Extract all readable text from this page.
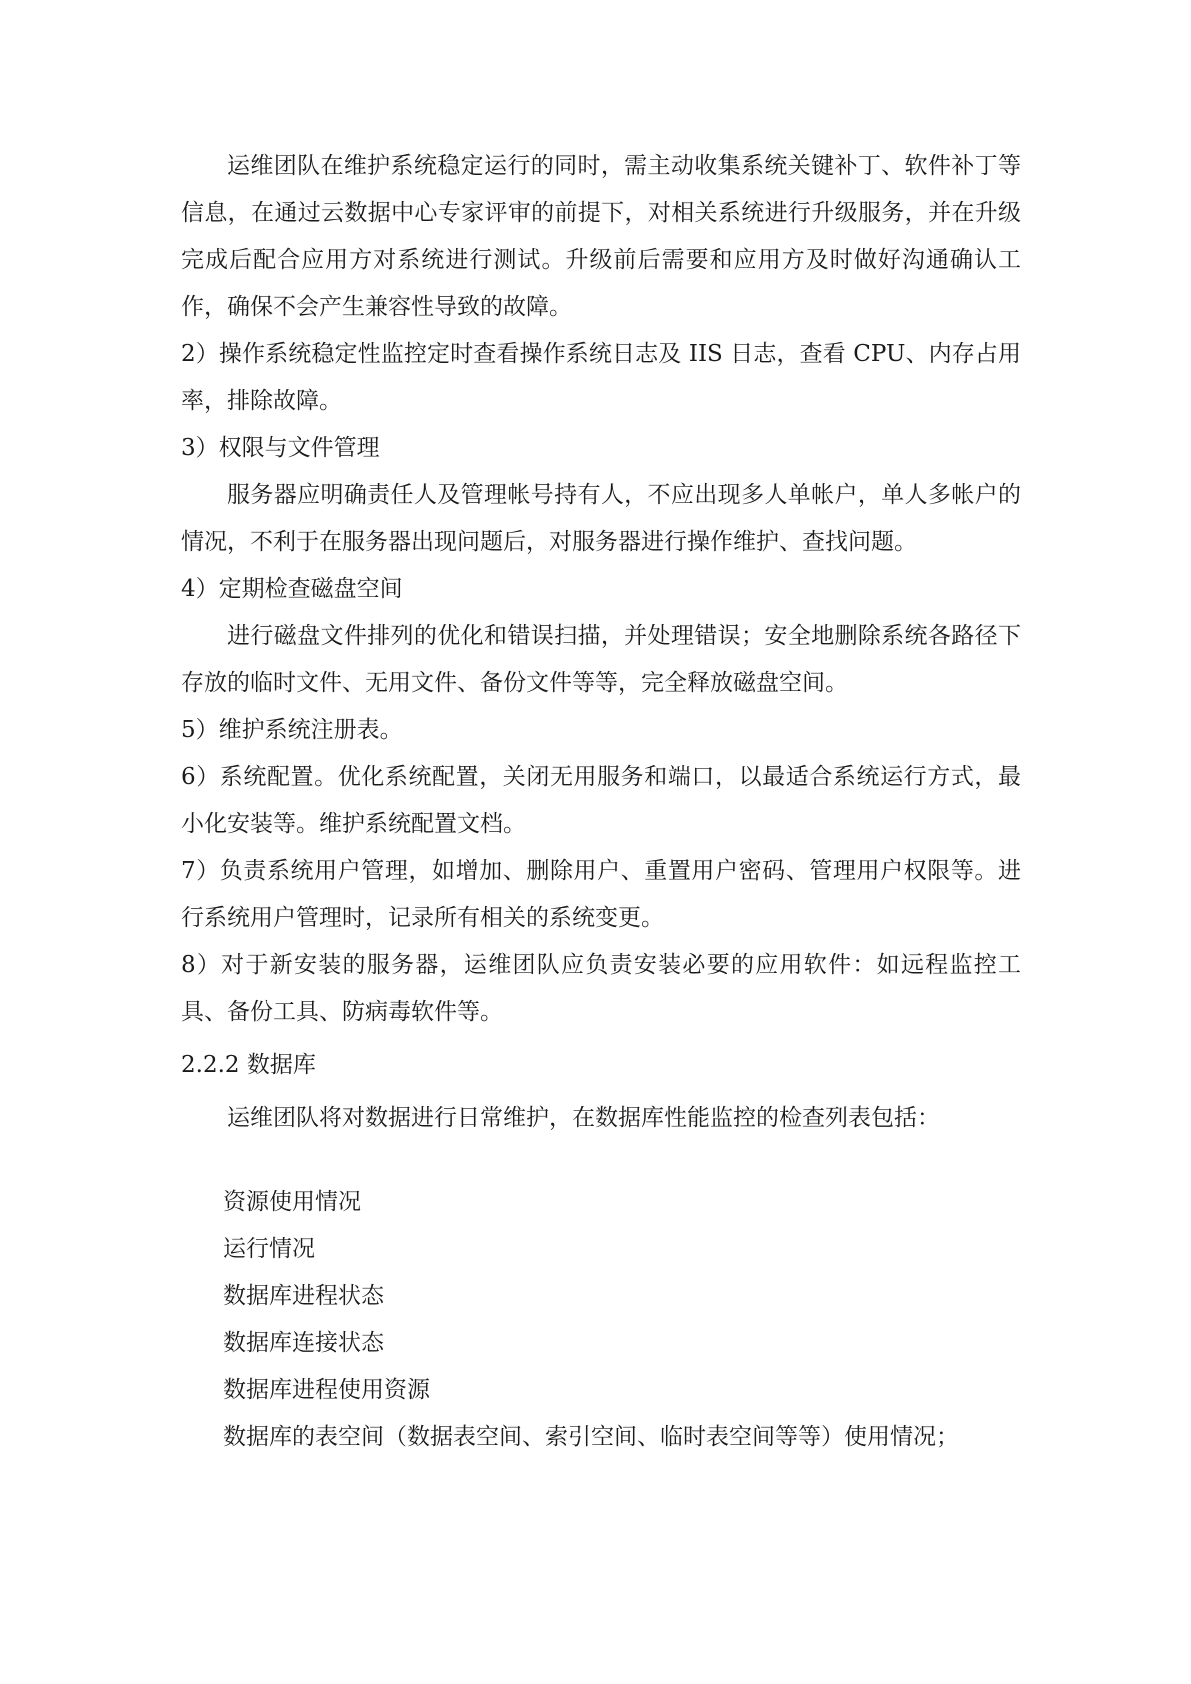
运维团队在维护系统稳定运行的同时，需主动收集系统关键补丁、软件补丁等信息，在通过云数据中心专家评审的前提下，对相关系统进行升级服务，并在升级完成后配合应用方对系统进行测试。升级前后需要和应用方及时做好沟通确认工作，确保不会产生兼容性导致的故障。

2）操作系统稳定性监控定时查看操作系统日志及 IIS 日志，查看 CPU、内存占用率，排除故障。

3）权限与文件管理

服务器应明确责任人及管理帐号持有人，不应出现多人单帐户，单人多帐户的情况，不利于在服务器出现问题后，对服务器进行操作维护、查找问题。

4）定期检查磁盘空间

进行磁盘文件排列的优化和错误扫描，并处理错误；安全地删除系统各路径下存放的临时文件、无用文件、备份文件等等，完全释放磁盘空间。

5）维护系统注册表。

6）系统配置。优化系统配置，关闭无用服务和端口，以最适合系统运行方式，最小化安装等。维护系统配置文档。

7）负责系统用户管理，如增加、删除用户、重置用户密码、管理用户权限等。进行系统用户管理时，记录所有相关的系统变更。

8）对于新安装的服务器，运维团队应负责安装必要的应用软件：如远程监控工具、备份工具、防病毒软件等。

2.2.2 数据库

运维团队将对数据进行日常维护，在数据库性能监控的检查列表包括：

资源使用情况
运行情况
数据库进程状态
数据库连接状态
数据库进程使用资源
数据库的表空间（数据表空间、索引空间、临时表空间等等）使用情况；
